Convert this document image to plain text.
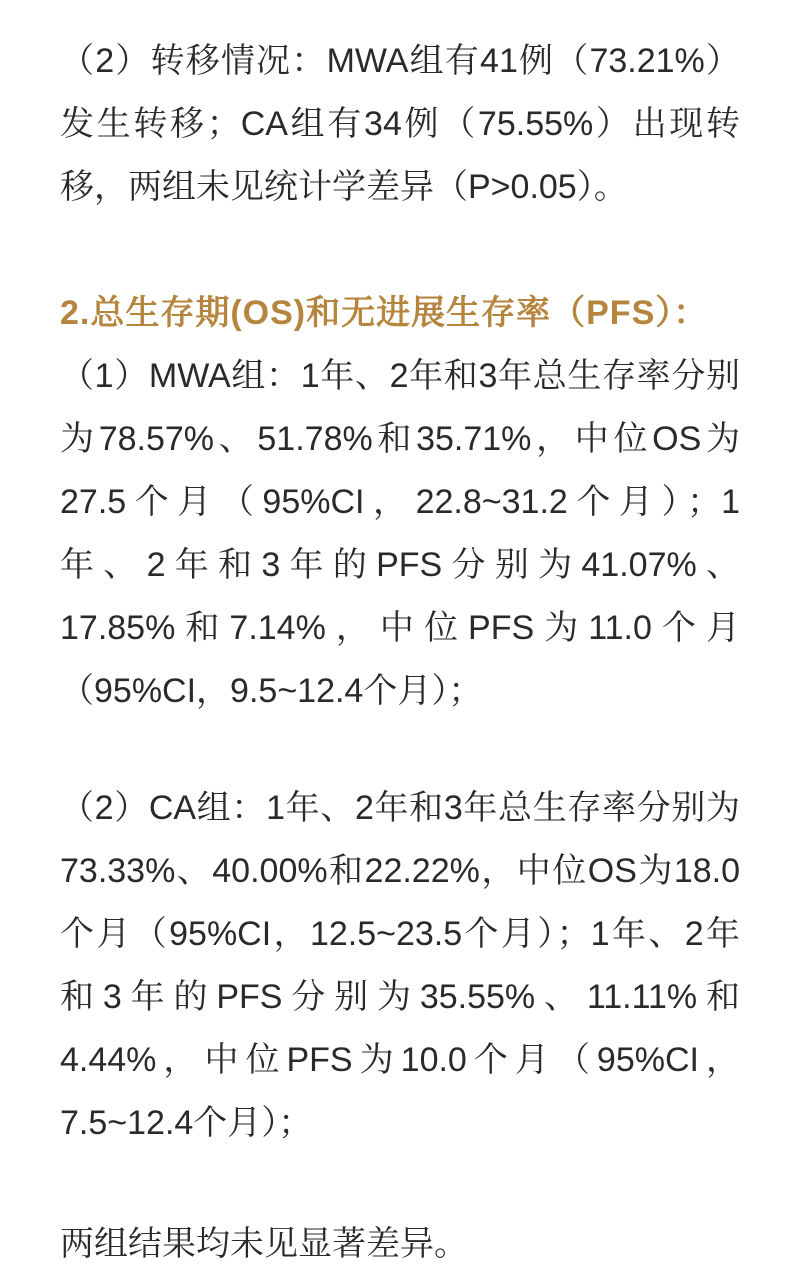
（2）转移情况：MWA组有41例（73.21%）
发生转移；CA组有34例（75.55%）出现转
移，两组未见统计学差异（P>0.05）。
2.总生存期(OS)和无进展生存率（PFS）：
（1）MWA组：1年、2年和3年总生存率分别
为78.57%、51.78%和35.71%，中位OS为
27.5个月（95%CI，22.8~31.2个月）；1
年、2年和3年的PFS分别为41.07%、
17.85%和7.14%，中位PFS为11.0个月
（95%CI，9.5~12.4个月）；
（2）CA组：1年、2年和3年总生存率分别为
73.33%、40.00%和22.22%，中位OS为18.0
个月（95%CI，12.5~23.5个月）；1年、2年
和3年的PFS分别为35.55%、11.11%和
4.44%，中位PFS为10.0个月（95%CI，
7.5~12.4个月）；
两组结果均未见显著差异。
